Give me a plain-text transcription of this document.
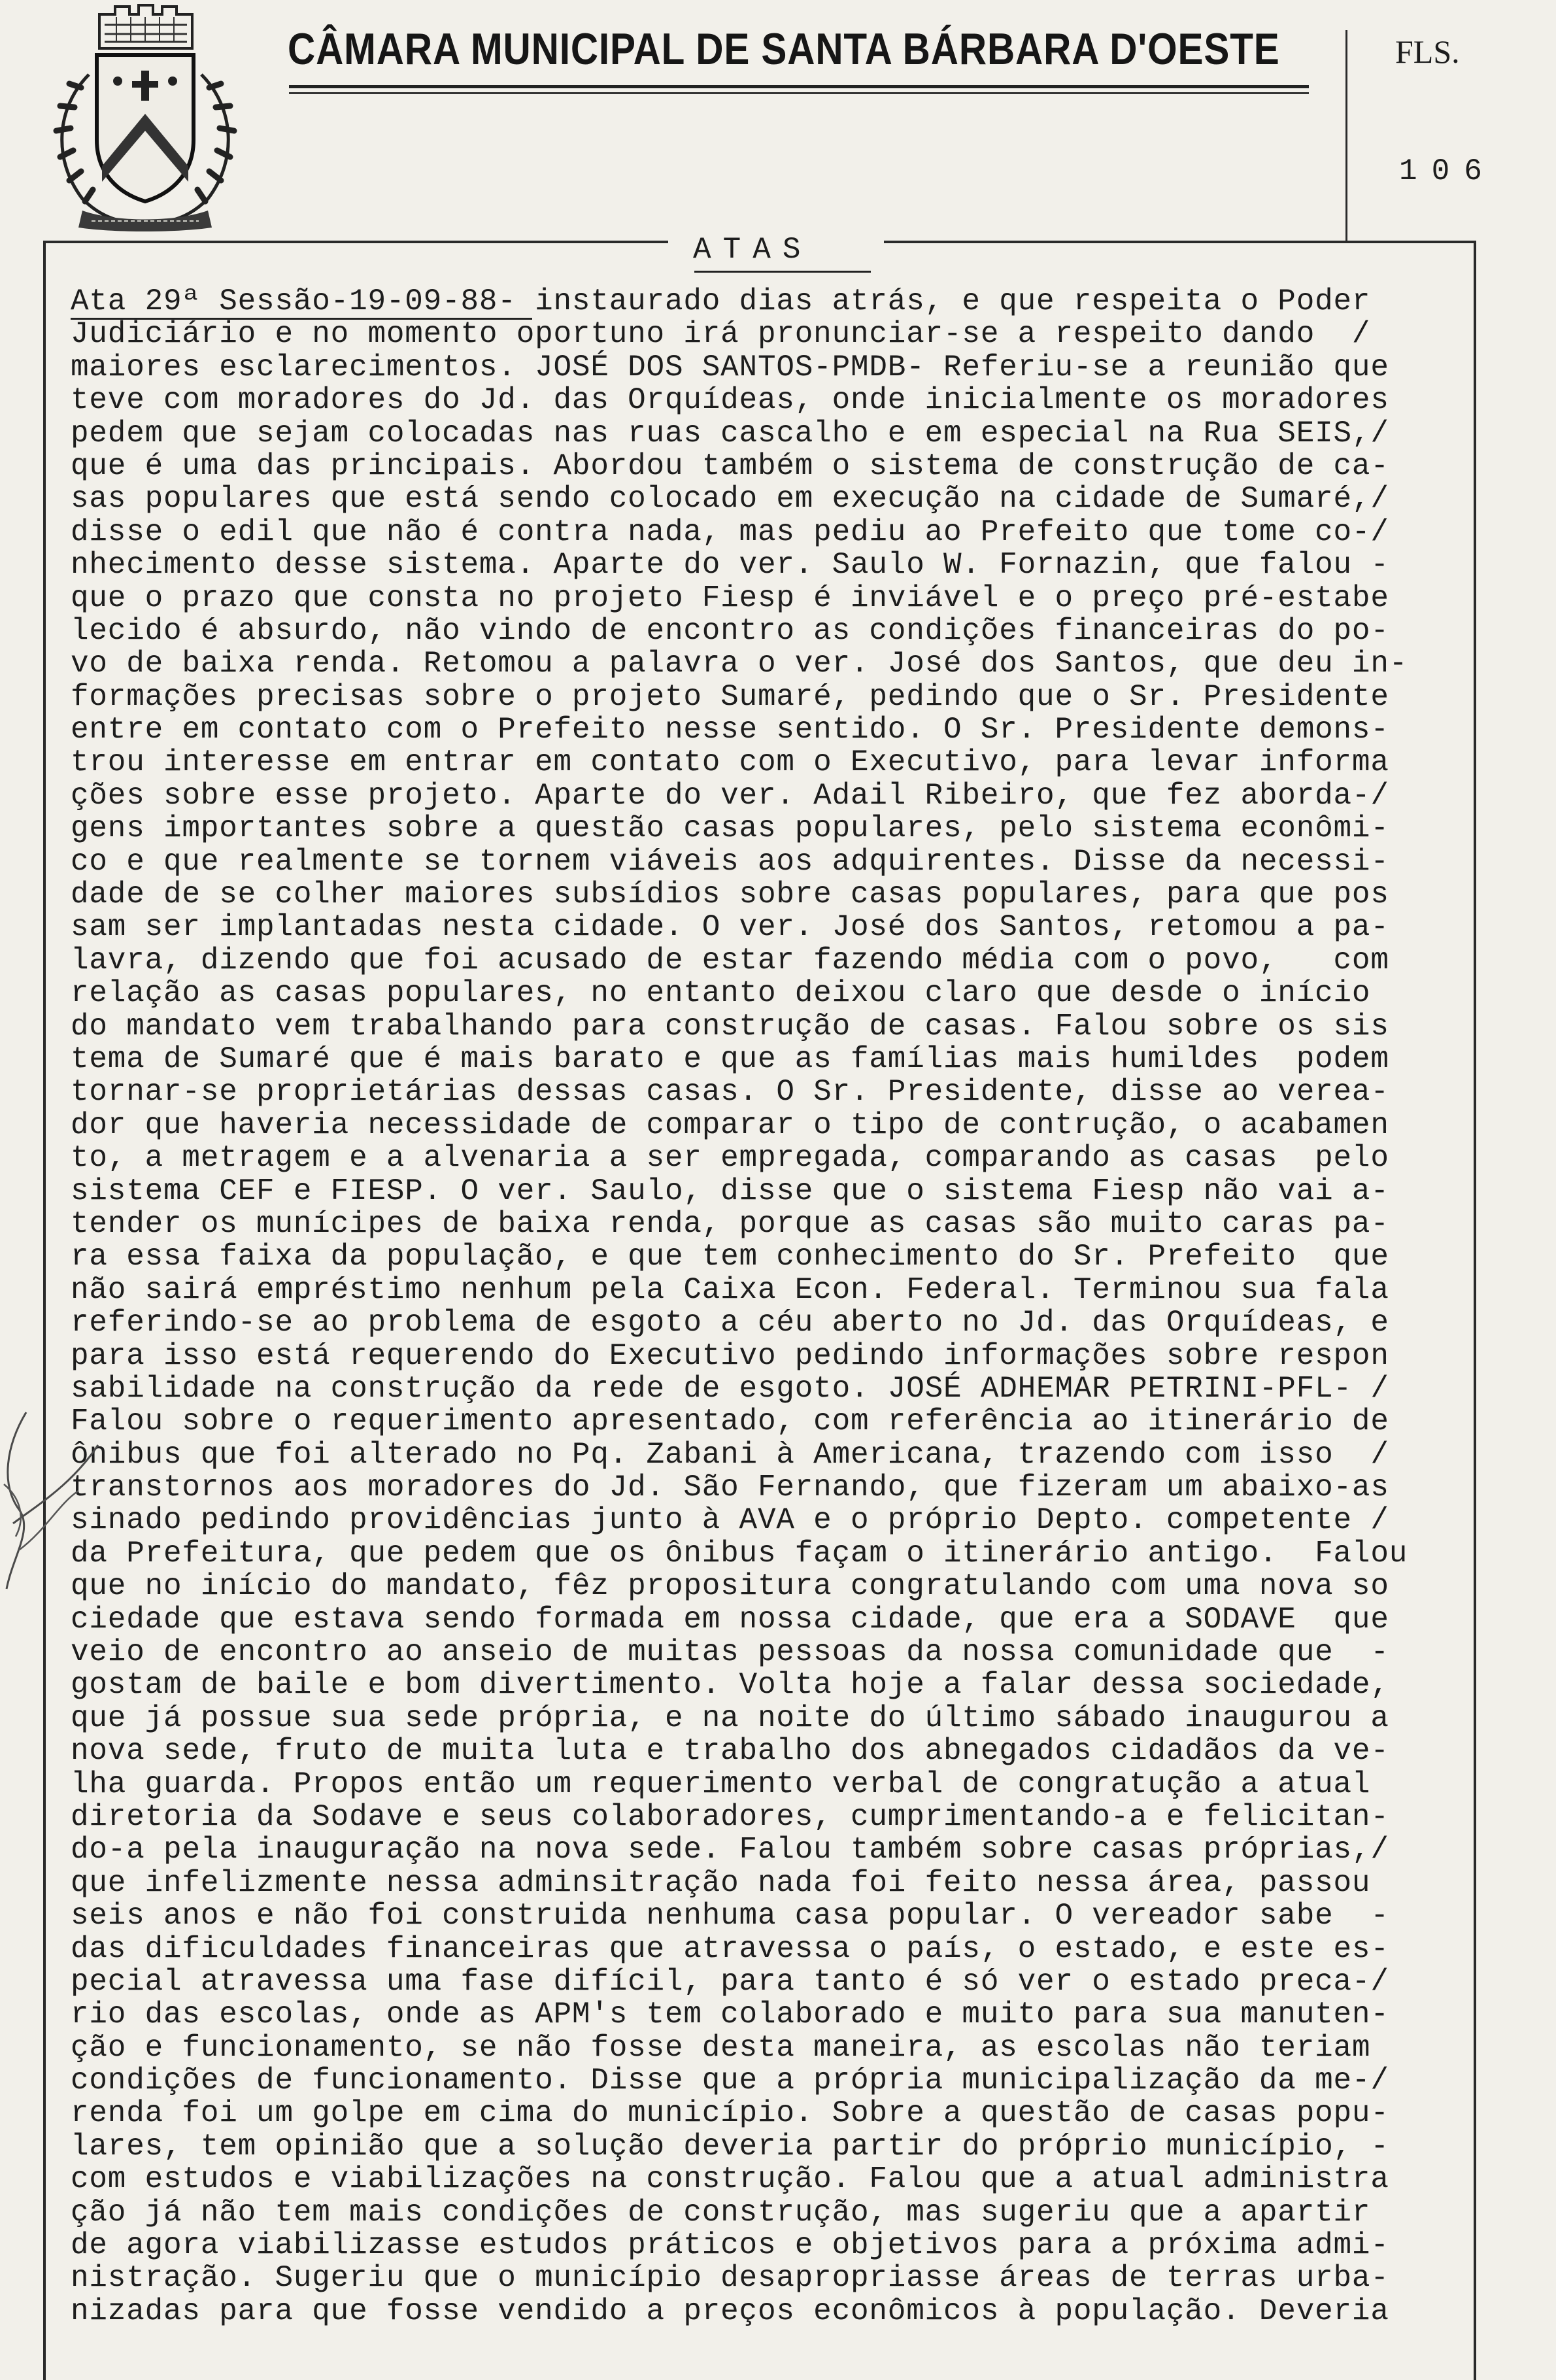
CÂMARA MUNICIPAL DE SANTA BÁRBARA D'OESTE	FLS.
106
ATAS
Ata 29ª Sessão-19-09-88- instaurado dias atrás, e que respeita o Poder
Judiciário e no momento oportuno irá pronunciar-se a respeito dando  /
maiores esclarecimentos. JOSÉ DOS SANTOS-PMDB- Referiu-se a reunião que
teve com moradores do Jd. das Orquídeas, onde inicialmente os moradores
pedem que sejam colocadas nas ruas cascalho e em especial na Rua SEIS,/
que é uma das principais. Abordou também o sistema de construção de ca-
sas populares que está sendo colocado em execução na cidade de Sumaré,/
disse o edil que não é contra nada, mas pediu ao Prefeito que tome co-/
nhecimento desse sistema. Aparte do ver. Saulo W. Fornazin, que falou -
que o prazo que consta no projeto Fiesp é inviável e o preço pré-estabe
lecido é absurdo, não vindo de encontro as condições financeiras do po-
vo de baixa renda. Retomou a palavra o ver. José dos Santos, que deu in-
formações precisas sobre o projeto Sumaré, pedindo que o Sr. Presidente
entre em contato com o Prefeito nesse sentido. O Sr. Presidente demons-
trou interesse em entrar em contato com o Executivo, para levar informa
ções sobre esse projeto. Aparte do ver. Adail Ribeiro, que fez aborda-/
gens importantes sobre a questão casas populares, pelo sistema econômi-
co e que realmente se tornem viáveis aos adquirentes. Disse da necessi-
dade de se colher maiores subsídios sobre casas populares, para que pos
sam ser implantadas nesta cidade. O ver. José dos Santos, retomou a pa-
lavra, dizendo que foi acusado de estar fazendo média com o povo,   com
relação as casas populares, no entanto deixou claro que desde o início
do mandato vem trabalhando para construção de casas. Falou sobre os sis
tema de Sumaré que é mais barato e que as famílias mais humildes  podem
tornar-se proprietárias dessas casas. O Sr. Presidente, disse ao verea-
dor que haveria necessidade de comparar o tipo de contrução, o acabamen
to, a metragem e a alvenaria a ser empregada, comparando as casas  pelo
sistema CEF e FIESP. O ver. Saulo, disse que o sistema Fiesp não vai a-
tender os munícipes de baixa renda, porque as casas são muito caras pa-
ra essa faixa da população, e que tem conhecimento do Sr. Prefeito  que
não sairá empréstimo nenhum pela Caixa Econ. Federal. Terminou sua fala
referindo-se ao problema de esgoto a céu aberto no Jd. das Orquídeas, e
para isso está requerendo do Executivo pedindo informações sobre respon
sabilidade na construção da rede de esgoto. JOSÉ ADHEMAR PETRINI-PFL- /
Falou sobre o requerimento apresentado, com referência ao itinerário de
ônibus que foi alterado no Pq. Zabani à Americana, trazendo com isso  /
transtornos aos moradores do Jd. São Fernando, que fizeram um abaixo-as
sinado pedindo providências junto à AVA e o próprio Depto. competente /
da Prefeitura, que pedem que os ônibus façam o itinerário antigo.  Falou
que no início do mandato, fêz propositura congratulando com uma nova so
ciedade que estava sendo formada em nossa cidade, que era a SODAVE  que
veio de encontro ao anseio de muitas pessoas da nossa comunidade que  -
gostam de baile e bom divertimento. Volta hoje a falar dessa sociedade,
que já possue sua sede própria, e na noite do último sábado inaugurou a
nova sede, fruto de muita luta e trabalho dos abnegados cidadãos da ve-
lha guarda. Propos então um requerimento verbal de congratução a atual
diretoria da Sodave e seus colaboradores, cumprimentando-a e felicitan-
do-a pela inauguração na nova sede. Falou também sobre casas próprias,/
que infelizmente nessa adminsitração nada foi feito nessa área, passou
seis anos e não foi construida nenhuma casa popular. O vereador sabe  -
das dificuldades financeiras que atravessa o país, o estado, e este es-
pecial atravessa uma fase difícil, para tanto é só ver o estado preca-/
rio das escolas, onde as APM's tem colaborado e muito para sua manuten-
ção e funcionamento, se não fosse desta maneira, as escolas não teriam
condições de funcionamento. Disse que a própria municipalização da me-/
renda foi um golpe em cima do município. Sobre a questão de casas popu-
lares, tem opinião que a solução deveria partir do próprio município, -
com estudos e viabilizações na construção. Falou que a atual administra
ção já não tem mais condições de construção, mas sugeriu que a apartir
de agora viabilizasse estudos práticos e objetivos para a próxima admi-
nistração. Sugeriu que o município desapropriasse áreas de terras urba-
nizadas para que fosse vendido a preços econômicos à população. Deveria
